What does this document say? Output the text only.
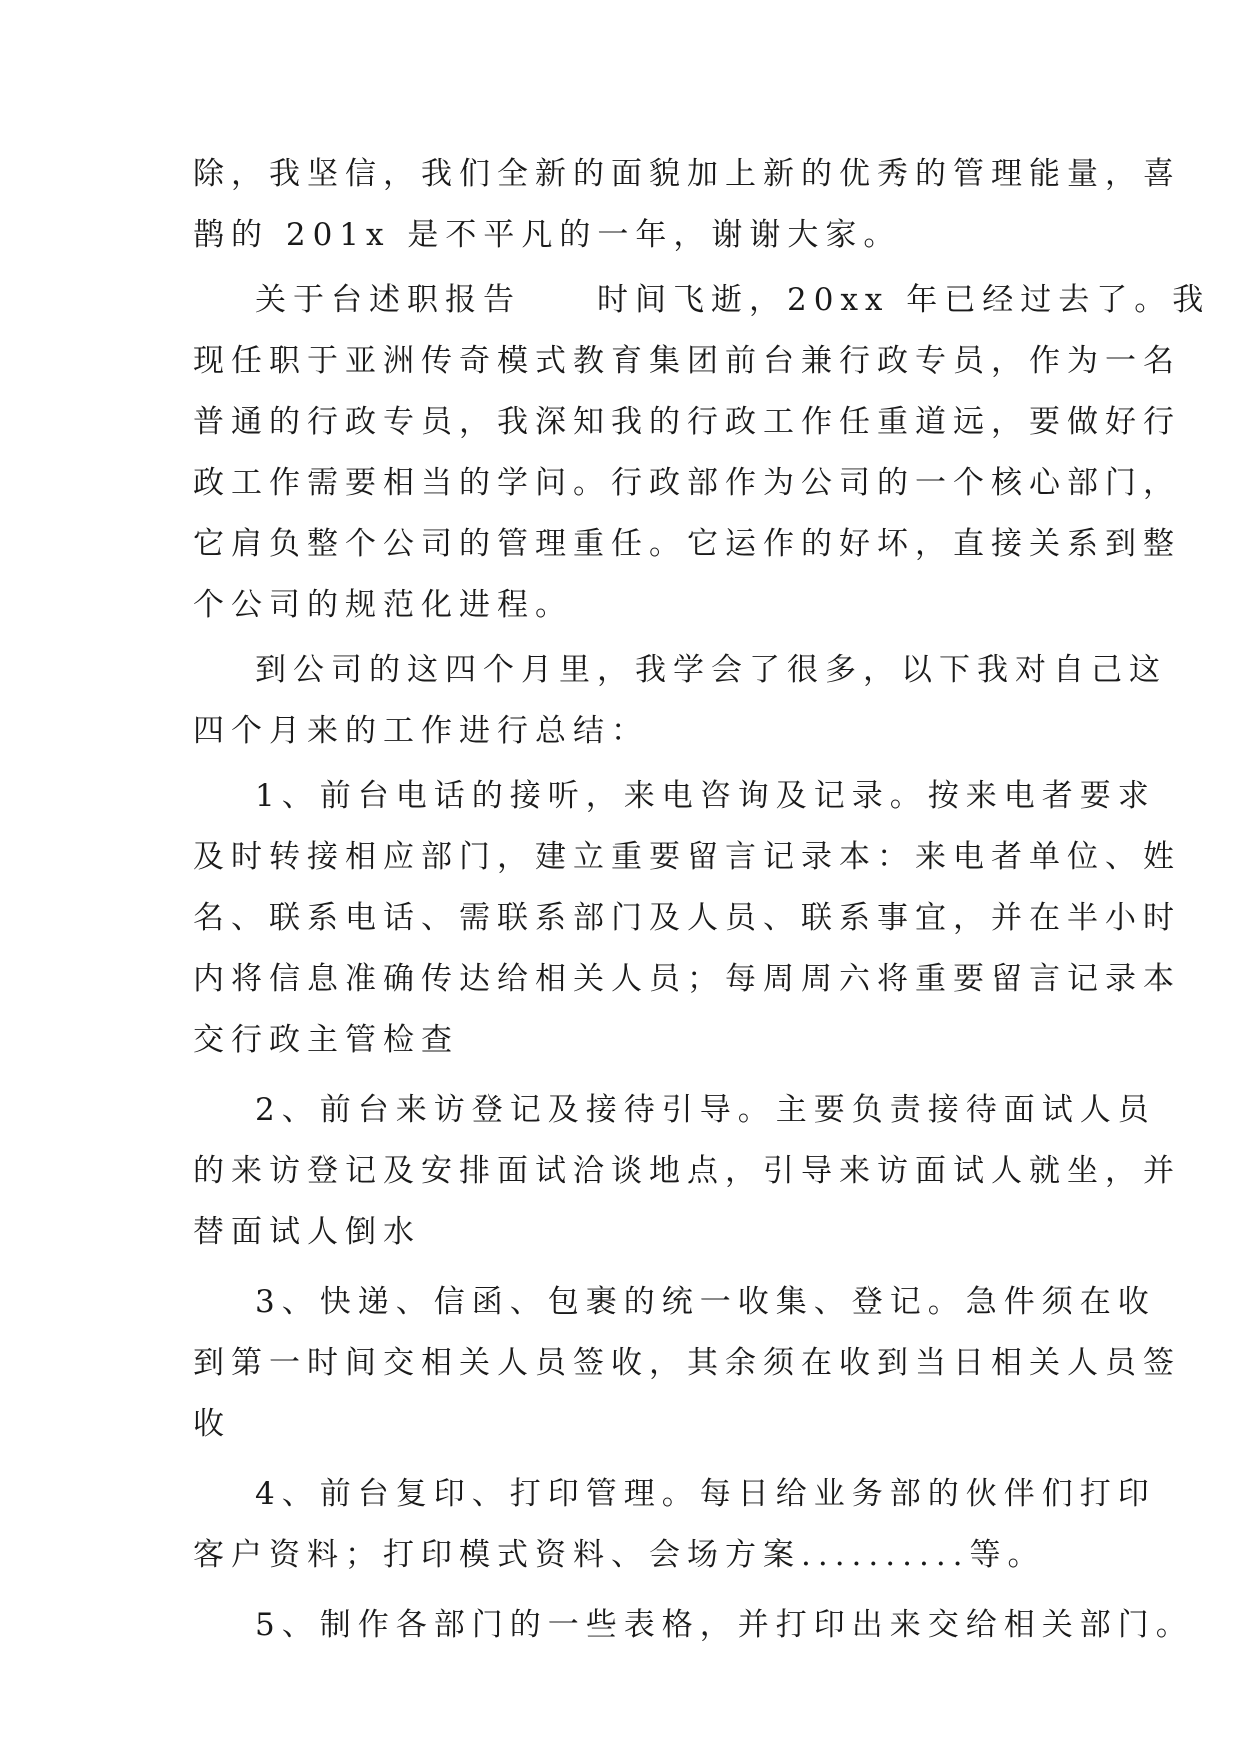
除，我坚信，我们全新的面貌加上新的优秀的管理能量，喜
鹊的 201x 是不平凡的一年，谢谢大家。
关于台述职报告　　时间飞逝，20xx 年已经过去了。我
现任职于亚洲传奇模式教育集团前台兼行政专员，作为一名
普通的行政专员，我深知我的行政工作任重道远，要做好行
政工作需要相当的学问。行政部作为公司的一个核心部门，
它肩负整个公司的管理重任。它运作的好坏，直接关系到整
个公司的规范化进程。
到公司的这四个月里，我学会了很多，以下我对自己这
四个月来的工作进行总结：
1、前台电话的接听，来电咨询及记录。按来电者要求
及时转接相应部门，建立重要留言记录本：来电者单位、姓
名、联系电话、需联系部门及人员、联系事宜，并在半小时
内将信息准确传达给相关人员；每周周六将重要留言记录本
交行政主管检查
2、前台来访登记及接待引导。主要负责接待面试人员
的来访登记及安排面试洽谈地点，引导来访面试人就坐，并
替面试人倒水
3、快递、信函、包裹的统一收集、登记。急件须在收
到第一时间交相关人员签收，其余须在收到当日相关人员签
收
4、前台复印、打印管理。每日给业务部的伙伴们打印
客户资料；打印模式资料、会场方案..........等。
5、制作各部门的一些表格，并打印出来交给相关部门。
